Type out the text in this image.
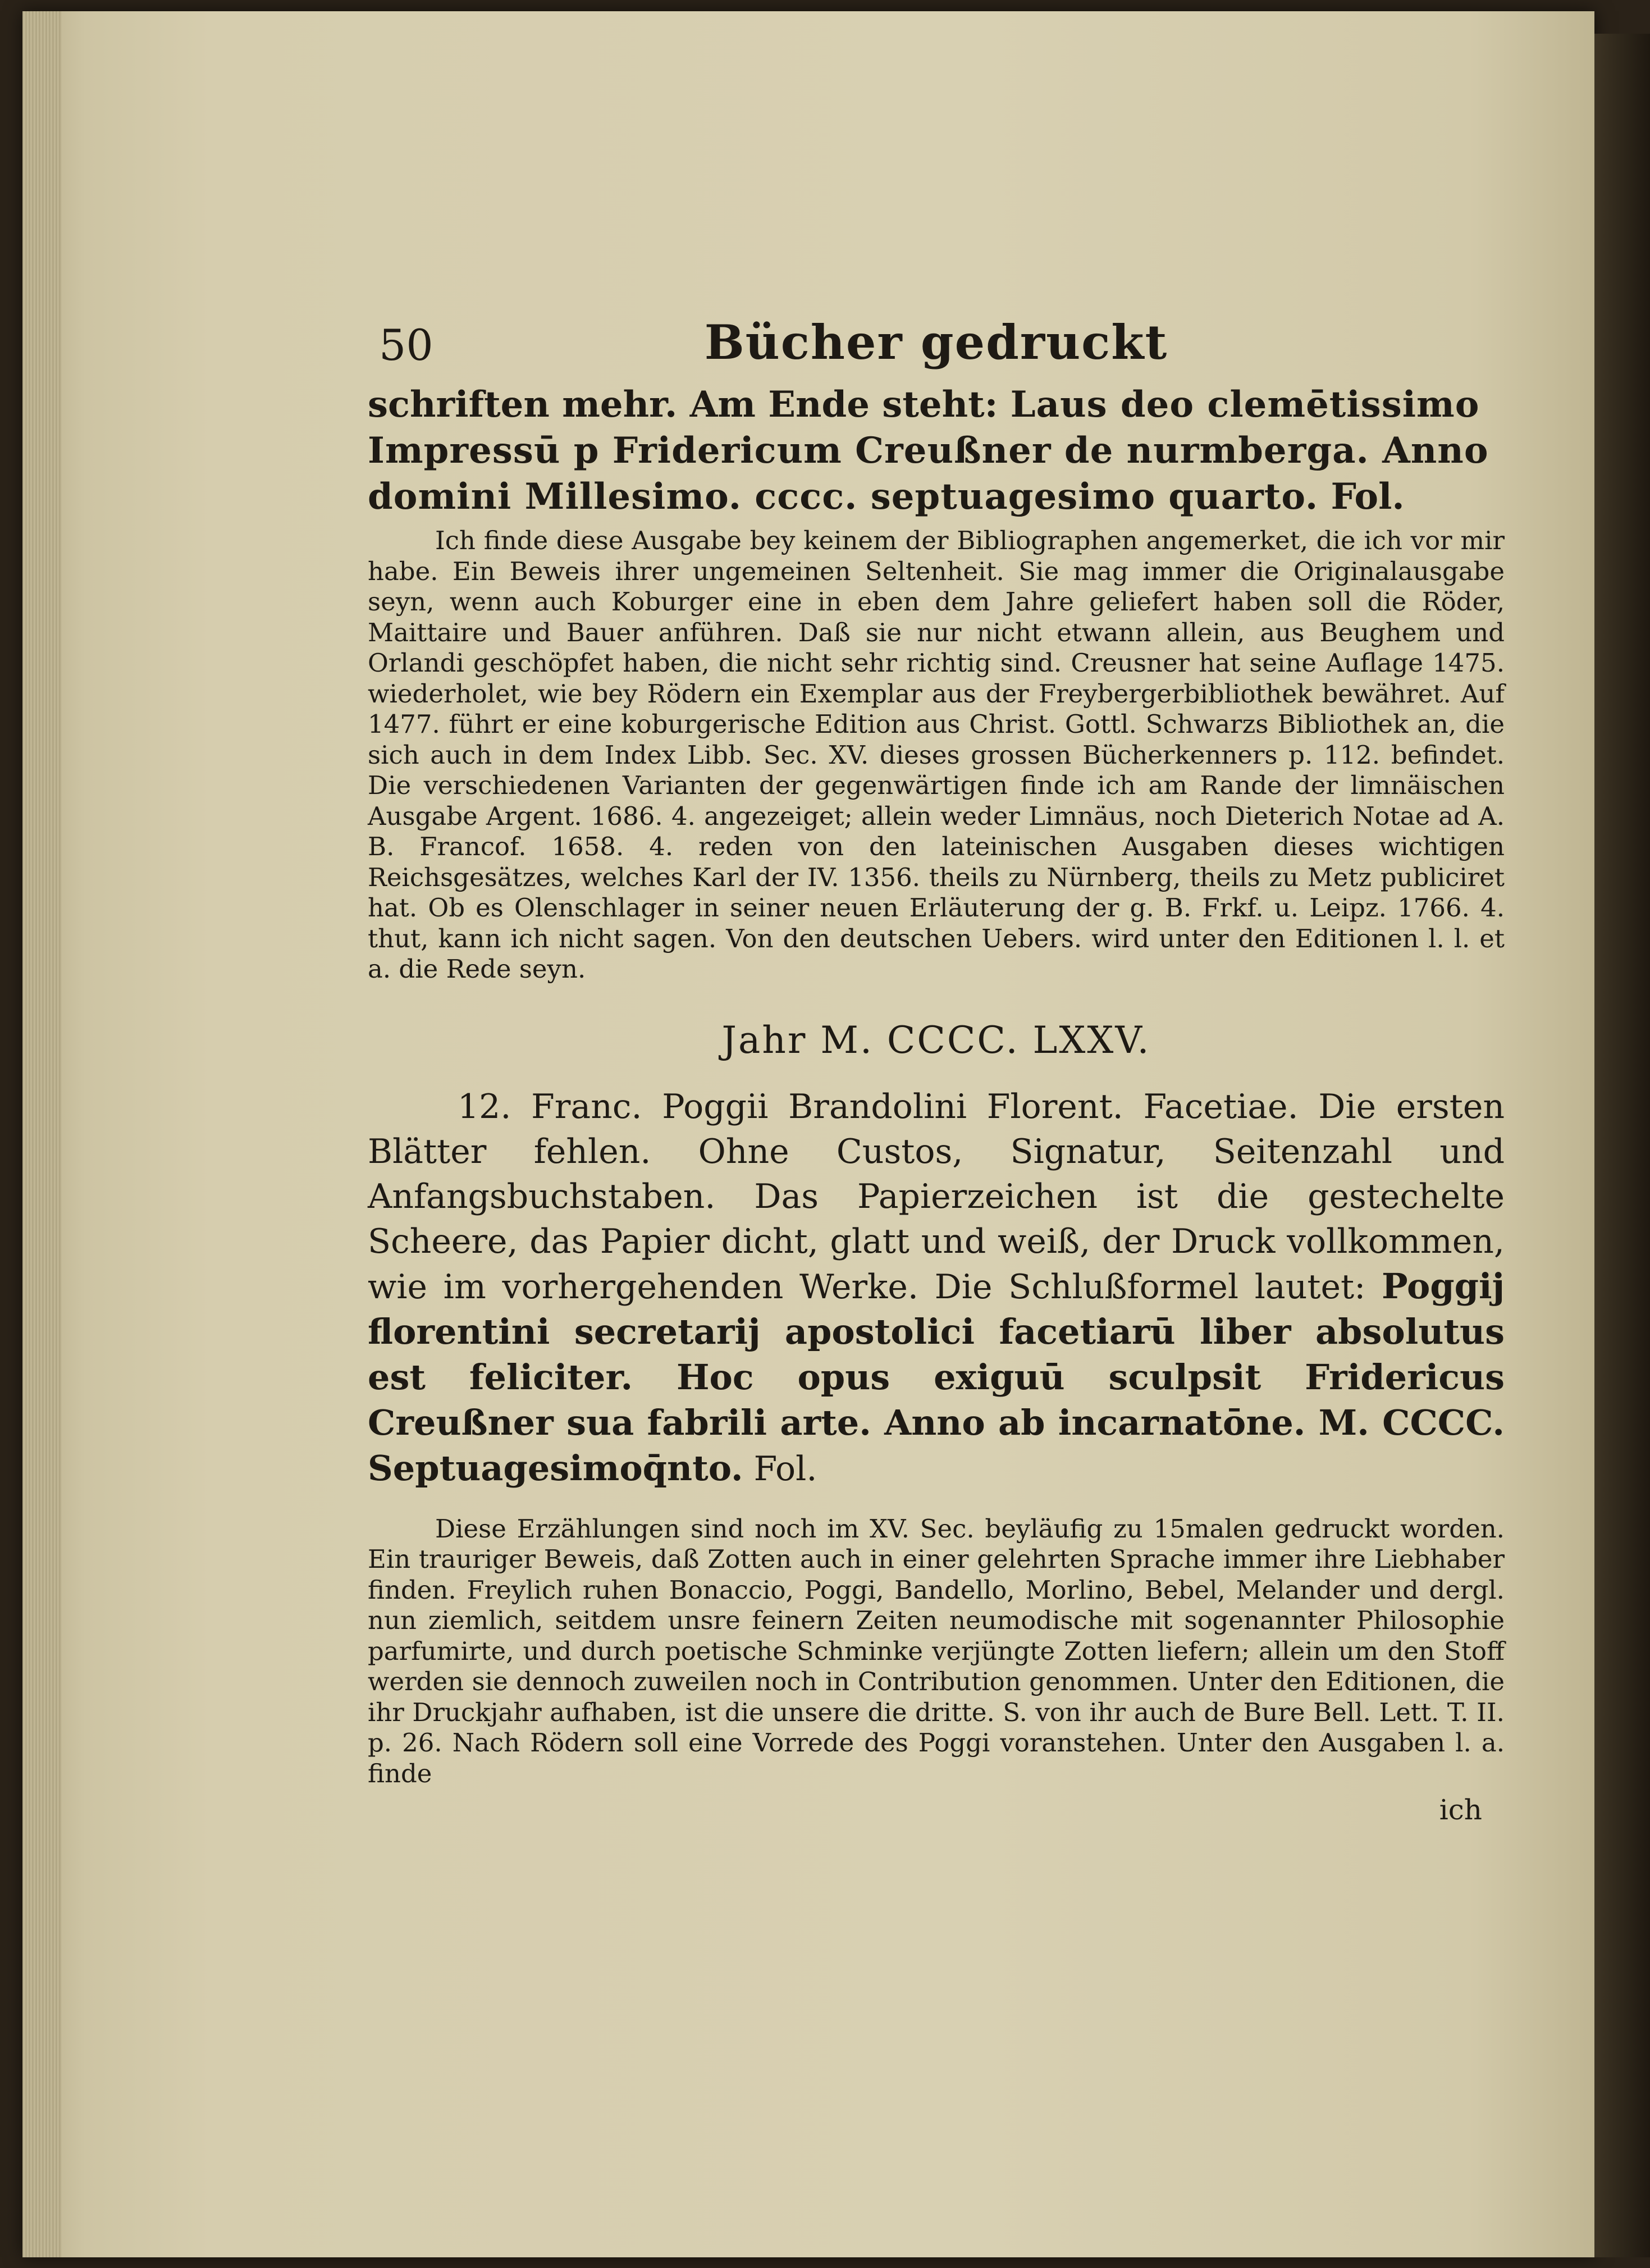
50	Bücher gedruckt

schriften mehr. Am Ende steht: Laus deo clemētissimo Impressū p Fridericum Creußner de nurmberga. Anno domini Millesimo. cccc. septuagesimo quarto. Fol.

Ich finde diese Ausgabe bey keinem der Bibliographen angemerket, die ich vor mir habe. Ein Beweis ihrer ungemeinen Seltenheit. Sie mag immer die Originalausgabe seyn, wenn auch Koburger eine in eben dem Jahre geliefert haben soll die Röder, Maittaire und Bauer anführen. Daß sie nur nicht etwann allein, aus Beughem und Orlandi geschöpfet haben, die nicht sehr richtig sind. Creusner hat seine Auflage 1475. wiederholet, wie bey Rödern ein Exemplar aus der Freybergerbibliothek bewähret. Auf 1477. führt er eine koburgerische Edition aus Christ. Gottl. Schwarzs Bibliothek an, die sich auch in dem Index Libb. Sec. XV. dieses grossen Bücherkenners p. 112. befindet. Die verschiedenen Varianten der gegenwärtigen finde ich am Rande der limnäischen Ausgabe Argent. 1686. 4. angezeiget; allein weder Limnäus, noch Dieterich Notae ad A. B. Francof. 1658. 4. reden von den lateinischen Ausgaben dieses wichtigen Reichsgesätzes, welches Karl der IV. 1356. theils zu Nürnberg, theils zu Metz publiciret hat. Ob es Olenschlager in seiner neuen Erläuterung der g. B. Frkf. u. Leipz. 1766. 4. thut, kann ich nicht sagen. Von den deutschen Uebers. wird unter den Editionen l. l. et a. die Rede seyn.

Jahr M. CCCC. LXXV.

12. Franc. Poggii Brandolini Florent. Facetiae. Die ersten Blätter fehlen. Ohne Custos, Signatur, Seitenzahl und Anfangsbuchstaben. Das Papierzeichen ist die gestechelte Scheere, das Papier dicht, glatt und weiß, der Druck vollkommen, wie im vorhergehenden Werke. Die Schlußformel lautet: Poggij florentini secretarij apostolici facetiarū liber absolutus est feliciter. Hoc opus exiguū sculpsit Fridericus Creußner sua fabrili arte. Anno ab incarnatōne. M. CCCC. Septuagesimoq̄nto. Fol.

Diese Erzählungen sind noch im XV. Sec. beyläufig zu 15malen gedruckt worden. Ein trauriger Beweis, daß Zotten auch in einer gelehrten Sprache immer ihre Liebhaber finden. Freylich ruhen Bonaccio, Poggi, Bandello, Morlino, Bebel, Melander und dergl. nun ziemlich, seitdem unsre feinern Zeiten neumodische mit sogenannter Philosophie parfumirte, und durch poetische Schminke verjüngte Zotten liefern; allein um den Stoff werden sie dennoch zuweilen noch in Contribution genommen. Unter den Editionen, die ihr Druckjahr aufhaben, ist die unsere die dritte. S. von ihr auch de Bure Bell. Lett. T. II. p. 26. Nach Rödern soll eine Vorrede des Poggi voranstehen. Unter den Ausgaben l. a. finde

ich
